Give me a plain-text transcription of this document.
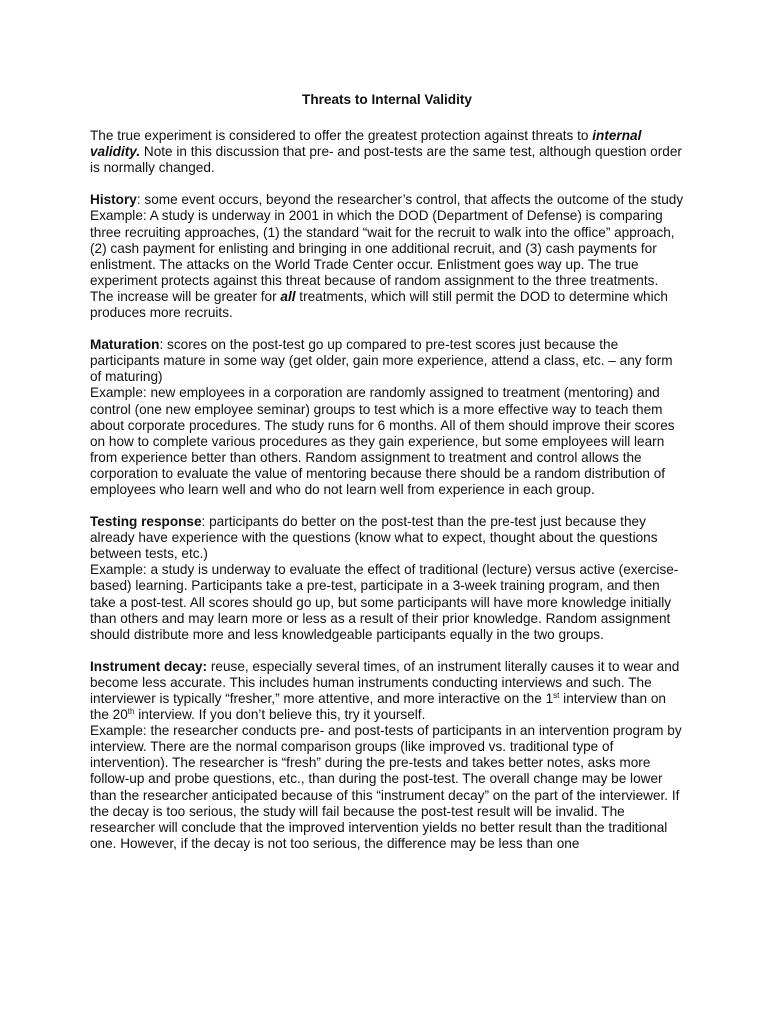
Threats to Internal Validity

The true experiment is considered to offer the greatest protection against threats to internal validity. Note in this discussion that pre- and post-tests are the same test, although question order is normally changed.

History: some event occurs, beyond the researcher’s control, that affects the outcome of the study

Example: A study is underway in 2001 in which the DOD (Department of Defense) is comparing three recruiting approaches, (1) the standard “wait for the recruit to walk into the office” approach, (2) cash payment for enlisting and bringing in one additional recruit, and (3) cash payments for enlistment. The attacks on the World Trade Center occur. Enlistment goes way up. The true experiment protects against this threat because of random assignment to the three treatments. The increase will be greater for all treatments, which will still permit the DOD to determine which produces more recruits.

Maturation: scores on the post-test go up compared to pre-test scores just because the participants mature in some way (get older, gain more experience, attend a class, etc. – any form of maturing)

Example: new employees in a corporation are randomly assigned to treatment (mentoring) and control (one new employee seminar) groups to test which is a more effective way to teach them about corporate procedures. The study runs for 6 months. All of them should improve their scores on how to complete various procedures as they gain experience, but some employees will learn from experience better than others. Random assignment to treatment and control allows the corporation to evaluate the value of mentoring because there should be a random distribution of employees who learn well and who do not learn well from experience in each group.

Testing response: participants do better on the post-test than the pre-test just because they already have experience with the questions (know what to expect, thought about the questions between tests, etc.)

Example: a study is underway to evaluate the effect of traditional (lecture) versus active (exercise-based) learning. Participants take a pre-test, participate in a 3-week training program, and then take a post-test. All scores should go up, but some participants will have more knowledge initially than others and may learn more or less as a result of their prior knowledge. Random assignment should distribute more and less knowledgeable participants equally in the two groups.

Instrument decay: reuse, especially several times, of an instrument literally causes it to wear and become less accurate. This includes human instruments conducting interviews and such. The interviewer is typically “fresher,” more attentive, and more interactive on the 1st interview than on the 20th interview. If you don’t believe this, try it yourself.

Example: the researcher conducts pre- and post-tests of participants in an intervention program by interview. There are the normal comparison groups (like improved vs. traditional type of intervention). The researcher is “fresh” during the pre-tests and takes better notes, asks more follow-up and probe questions, etc., than during the post-test. The overall change may be lower than the researcher anticipated because of this “instrument decay” on the part of the interviewer. If the decay is too serious, the study will fail because the post-test result will be invalid. The researcher will conclude that the improved intervention yields no better result than the traditional one. However, if the decay is not too serious, the difference may be less than one
